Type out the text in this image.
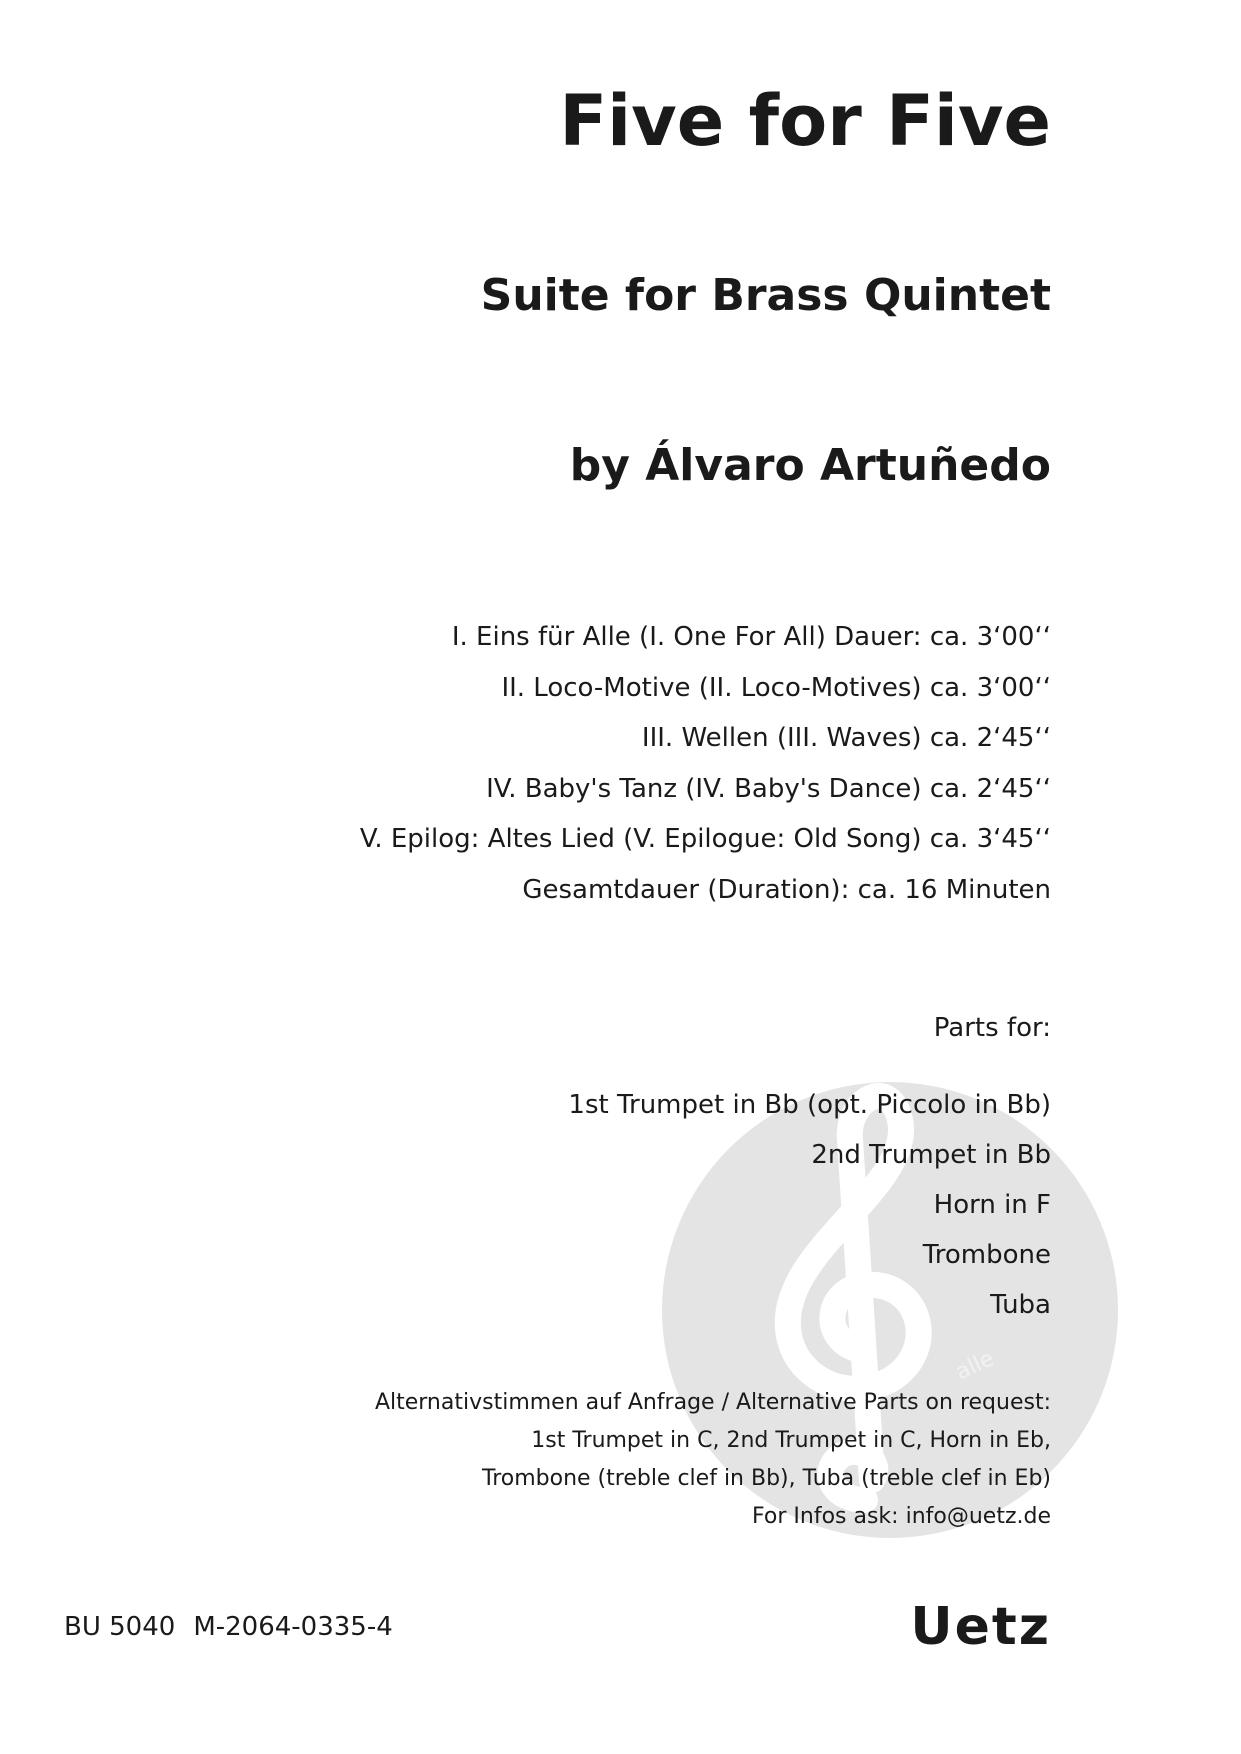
alle
Five for Five
Suite for Brass Quintet
by Álvaro Artuñedo
I. Eins für Alle (I. One For All) Dauer: ca. 3‘00‘‘
II. Loco-Motive (II. Loco-Motives) ca. 3‘00‘‘
III. Wellen (III. Waves) ca. 2‘45‘‘
IV. Baby's Tanz (IV. Baby's Dance) ca. 2‘45‘‘
V. Epilog: Altes Lied (V. Epilogue: Old Song) ca. 3‘45‘‘
Gesamtdauer (Duration): ca. 16 Minuten
Parts for:
1st Trumpet in Bb (opt. Piccolo in Bb)
2nd Trumpet in Bb
Horn in F
Trombone
Tuba
Alternativstimmen auf Anfrage / Alternative Parts on request:
1st Trumpet in C, 2nd Trumpet in C, Horn in Eb,
Trombone (treble clef in Bb), Tuba (treble clef in Eb)
For Infos ask: info@uetz.de
BU 5040 M-2064-0335-4	Uetz
